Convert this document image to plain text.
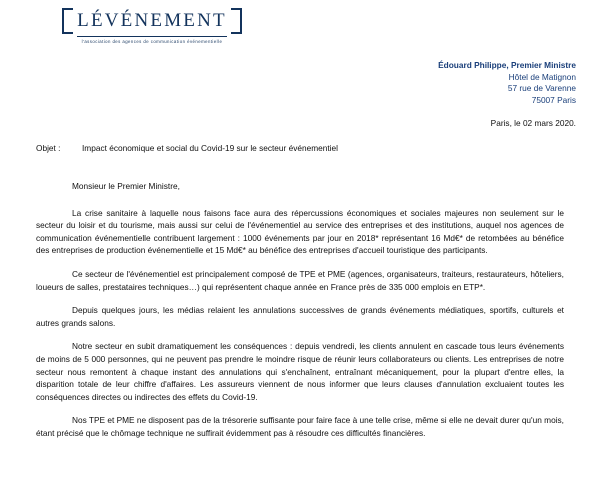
LÉVÉNEMENT
l'association des agences de communication événementielle
Édouard Philippe, Premier Ministre
Hôtel de Matignon
57 rue de Varenne
75007 Paris
Paris, le 02 mars 2020.
Objet :	Impact économique et social du Covid-19 sur le secteur événementiel

Monsieur le Premier Ministre,

La crise sanitaire à laquelle nous faisons face aura des répercussions économiques et sociales majeures non seulement sur le secteur du loisir et du tourisme, mais aussi sur celui de l'événementiel au service des entreprises et des institutions, auquel nos agences de communication événementielle contribuent largement : 1000 événements par jour en 2018* représentant 16 Md€* de retombées au bénéfice des entreprises de production événementielle et 15 Md€* au bénéfice des entreprises d'accueil touristique des participants.

Ce secteur de l'événementiel est principalement composé de TPE et PME (agences, organisateurs, traiteurs, restaurateurs, hôteliers, loueurs de salles, prestataires techniques…) qui représentent chaque année en France près de 335 000 emplois en ETP*.

Depuis quelques jours, les médias relaient les annulations successives de grands événements médiatiques, sportifs, culturels et autres grands salons.

Notre secteur en subit dramatiquement les conséquences : depuis vendredi, les clients annulent en cascade tous leurs événements de moins de 5 000 personnes, qui ne peuvent pas prendre le moindre risque de réunir leurs collaborateurs ou clients. Les entreprises de notre secteur nous remontent à chaque instant des annulations qui s'enchaînent, entraînant mécaniquement, pour la plupart d'entre elles, la disparition totale de leur chiffre d'affaires. Les assureurs viennent de nous informer que leurs clauses d'annulation excluaient toutes les conséquences directes ou indirectes des effets du Covid-19.

Nos TPE et PME ne disposent pas de la trésorerie suffisante pour faire face à une telle crise, même si elle ne devait durer qu'un mois, étant précisé que le chômage technique ne suffirait évidemment pas à résoudre ces difficultés financières.
